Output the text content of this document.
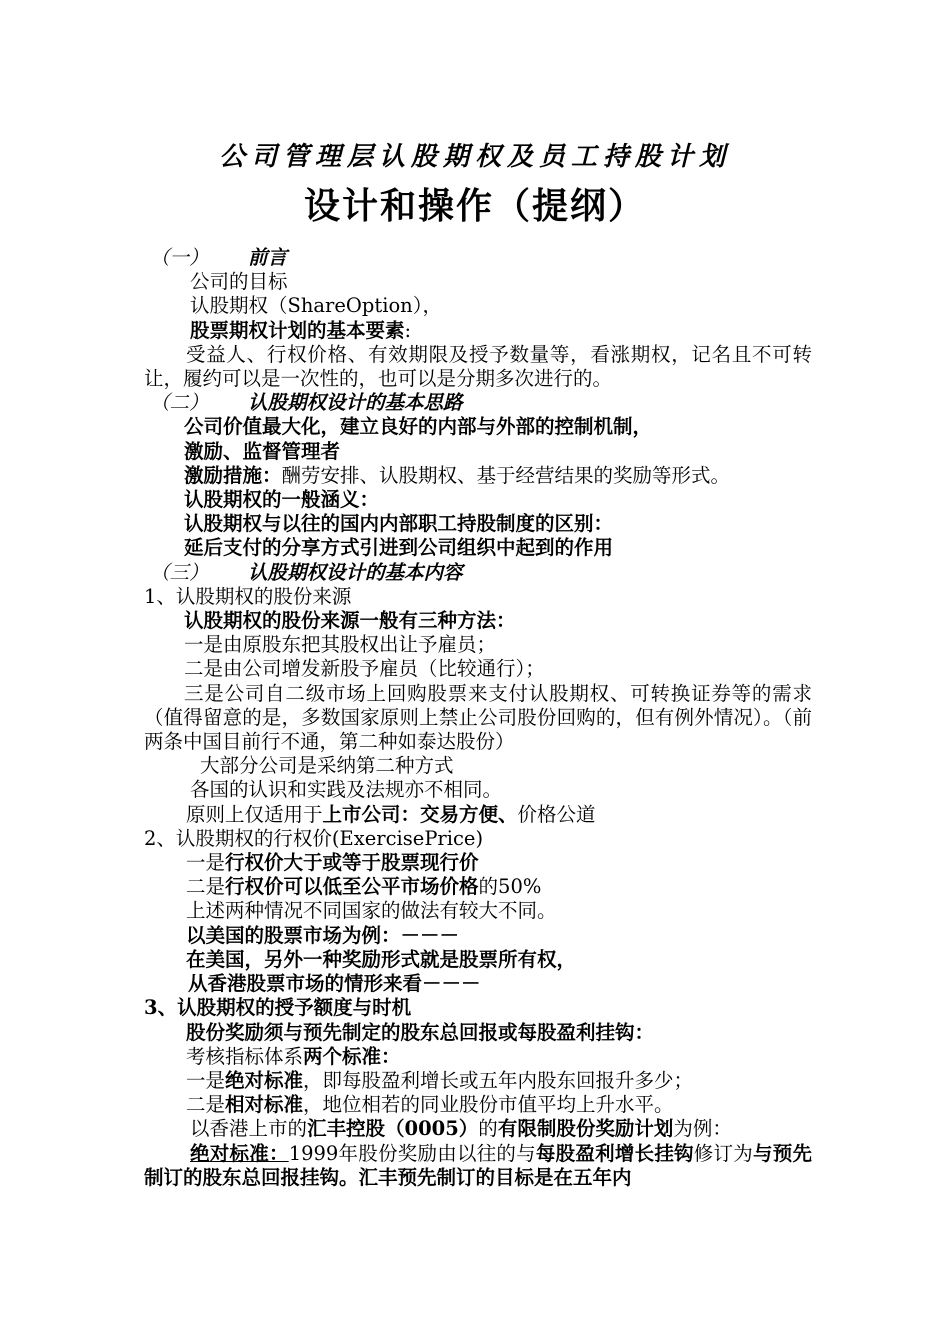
公司管理层认股期权及员工持股计划
设计和操作（提纲）
（一） 前言
公司的目标
认股期权（ShareOption），
股票期权计划的基本要素:
受益人、行权价格、有效期限及授予数量等，看涨期权，记名且不可转让，履约可以是一次性的，也可以是分期多次进行的。
（二） 认股期权设计的基本思路
公司价值最大化，建立良好的内部与外部的控制机制，
激励、监督管理者
激励措施：酬劳安排、认股期权、基于经营结果的奖励等形式。
认股期权的一般涵义：
认股期权与以往的国内内部职工持股制度的区别：
延后支付的分享方式引进到公司组织中起到的作用
（三） 认股期权设计的基本内容
1、认股期权的股份来源
认股期权的股份来源一般有三种方法：
一是由原股东把其股权出让予雇员；
二是由公司增发新股予雇员（比较通行）；
三是公司自二级市场上回购股票来支付认股期权、可转换证券等的需求（值得留意的是，多数国家原则上禁止公司股份回购的，但有例外情况）。（前两条中国目前行不通，第二种如泰达股份）
大部分公司是采纳第二种方式
各国的认识和实践及法规亦不相同。
原则上仅适用于上市公司：交易方便、价格公道
2、认股期权的行权价(ExercisePrice)
一是行权价大于或等于股票现行价
二是行权价可以低至公平市场价格的50%
上述两种情况不同国家的做法有较大不同。
以美国的股票市场为例：－－－
在美国，另外一种奖励形式就是股票所有权，
从香港股票市场的情形来看－－－
3、认股期权的授予额度与时机
股份奖励须与预先制定的股东总回报或每股盈利挂钩：
考核指标体系两个标准：
一是绝对标准，即每股盈利增长或五年内股东回报升多少；
二是相对标准，地位相若的同业股份市值平均上升水平。
以香港上市的汇丰控股（0005）的有限制股份奖励计划为例：
绝对标准：1999年股份奖励由以往的与每股盈利增长挂钩修订为与预先制订的股东总回报挂钩。汇丰预先制订的目标是在五年内
